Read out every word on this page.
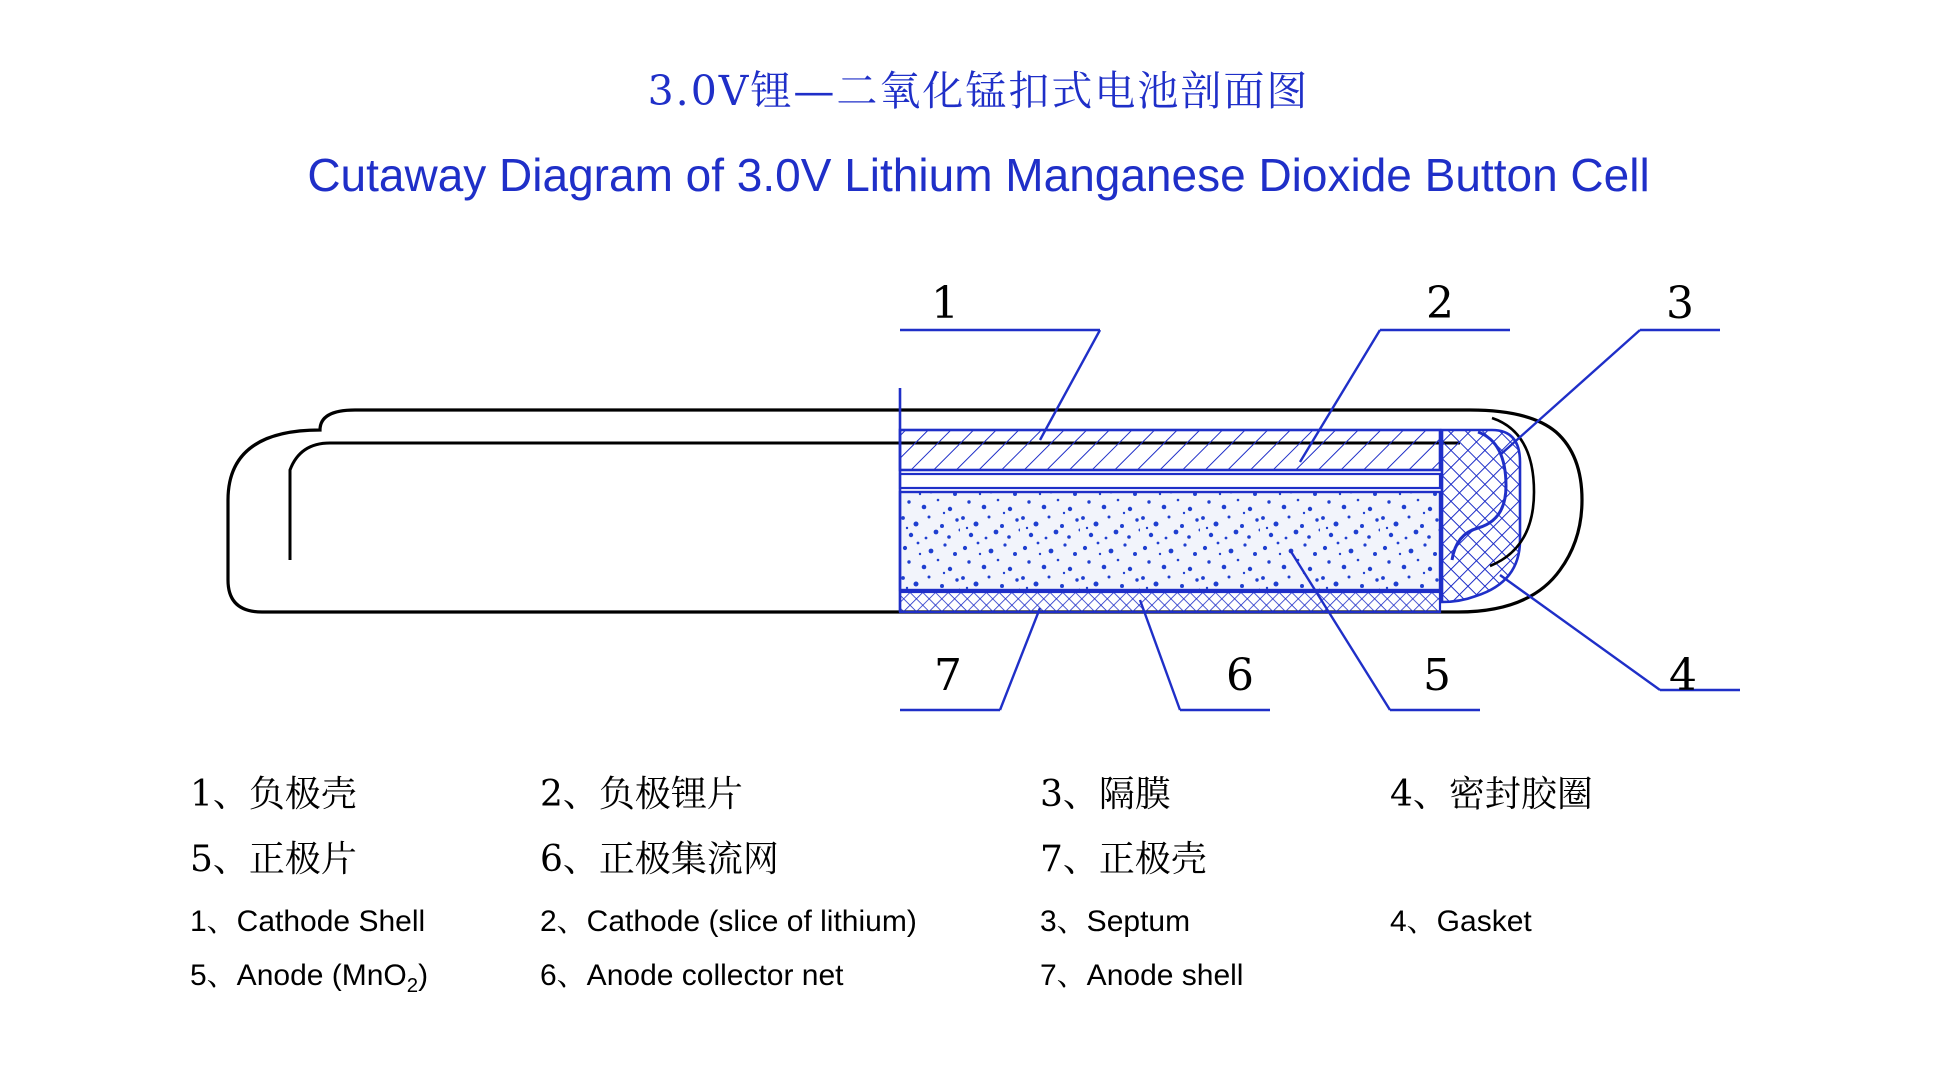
3.0V锂—二氧化锰扣式电池剖面图
Cutaway Diagram of 3.0V Lithium Manganese Dioxide Button Cell
1	2	3
4
5
6
7
1、负极壳	2、负极锂片	3、隔膜	4、密封胶圈
5、正极片	6、正极集流网	7、正极壳
1、Cathode Shell	2、Cathode (slice of lithium)	3、Septum	4、Gasket
5、Anode (MnO$_2$)	6、Anode collector net	7、Anode shell
